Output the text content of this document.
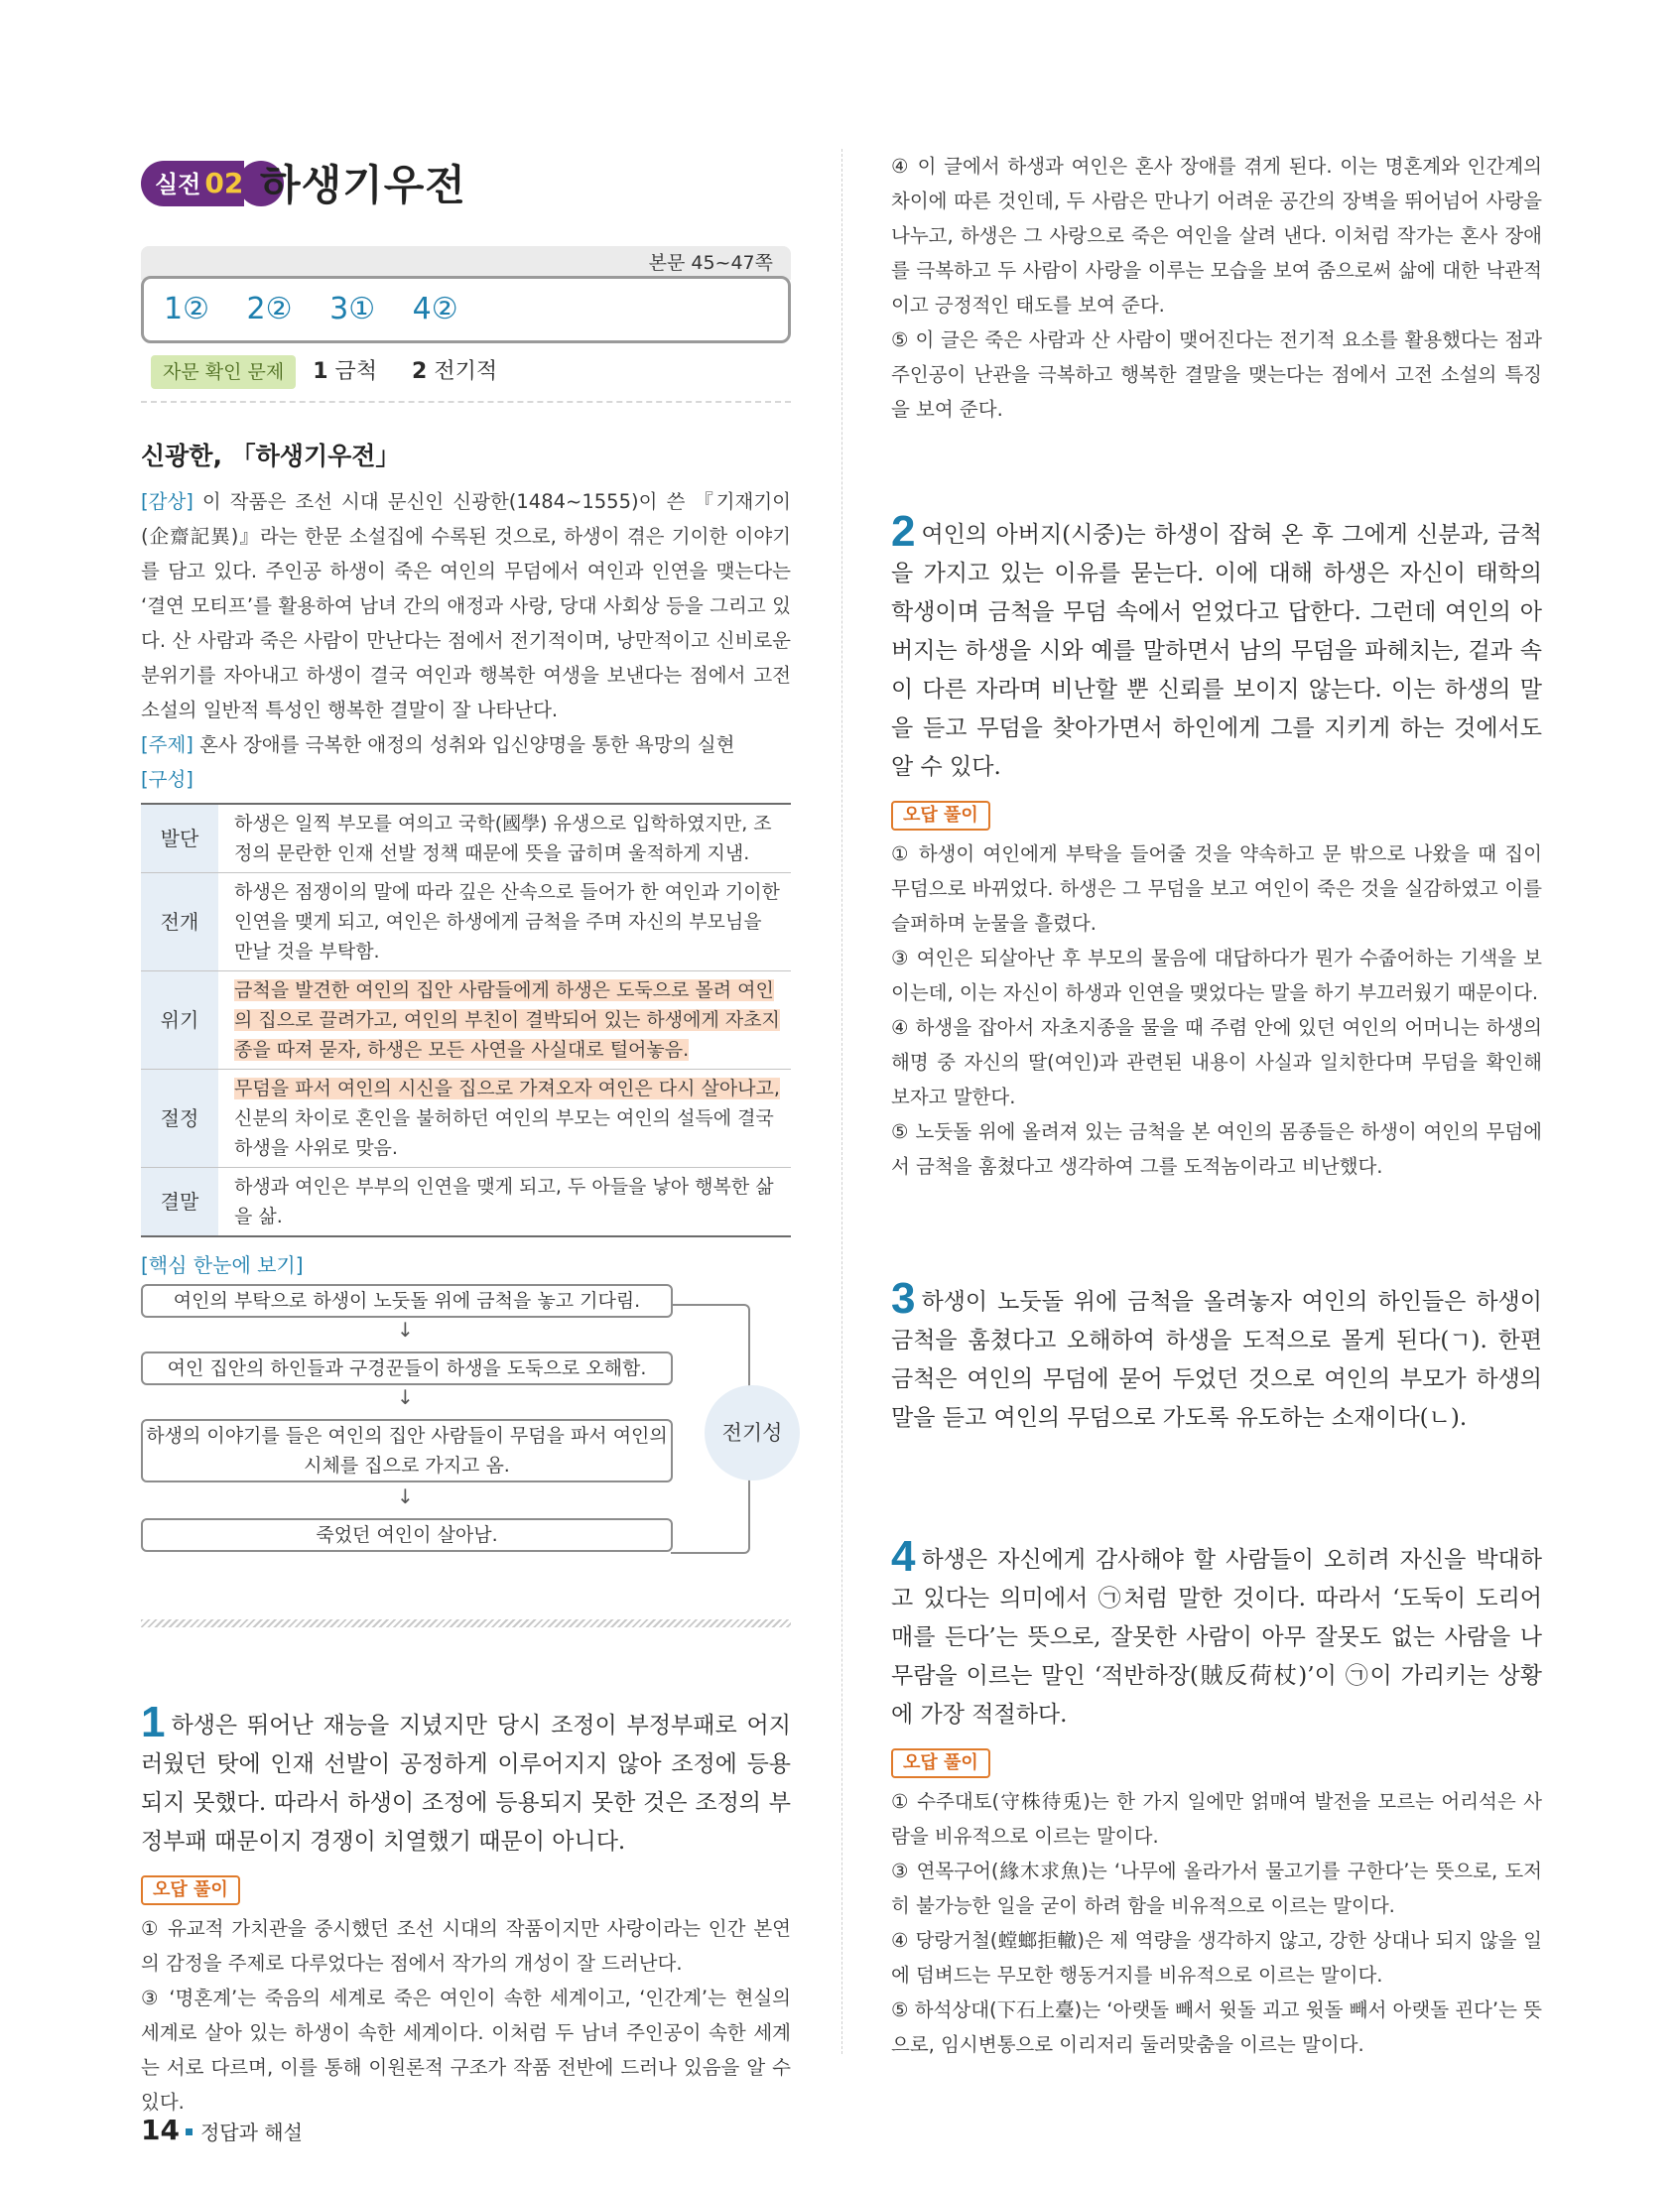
실전 02 하생기우전
본문 45~47쪽
1② 2② 3① 4②
자문 확인 문제 1 금척 2 전기적
신광한, 「하생기우전」
[감상] 이 작품은 조선 시대 문신인 신광한(1484~1555)이 쓴 『기재기이(企齋記異)』라는 한문 소설집에 수록된 것으로, 하생이 겪은 기이한 이야기를 담고 있다. 주인공 하생이 죽은 여인의 무덤에서 여인과 인연을 맺는다는 ‘결연 모티프’를 활용하여 남녀 간의 애정과 사랑, 당대 사회상 등을 그리고 있다. 산 사람과 죽은 사람이 만난다는 점에서 전기적이며, 낭만적이고 신비로운 분위기를 자아내고 하생이 결국 여인과 행복한 여생을 보낸다는 점에서 고전 소설의 일반적 특성인 행복한 결말이 잘 나타난다.
[주제] 혼사 장애를 극복한 애정의 성취와 입신양명을 통한 욕망의 실현
[구성]
발단	하생은 일찍 부모를 여의고 국학(國學) 유생으로 입학하였지만, 조정의 문란한 인재 선발 정책 때문에 뜻을 굽히며 울적하게 지냄.
전개	하생은 점쟁이의 말에 따라 깊은 산속으로 들어가 한 여인과 기이한 인연을 맺게 되고, 여인은 하생에게 금척을 주며 자신의 부모님을 만날 것을 부탁함.
위기	금척을 발견한 여인의 집안 사람들에게 하생은 도둑으로 몰려 여인의 집으로 끌려가고, 여인의 부친이 결박되어 있는 하생에게 자초지종을 따져 묻자, 하생은 모든 사연을 사실대로 털어놓음.
절정	무덤을 파서 여인의 시신을 집으로 가져오자 여인은 다시 살아나고, 신분의 차이로 혼인을 불허하던 여인의 부모는 여인의 설득에 결국 하생을 사위로 맞음.
결말	하생과 여인은 부부의 인연을 맺게 되고, 두 아들을 낳아 행복한 삶을 삶.
[핵심 한눈에 보기]
여인의 부탁으로 하생이 노둣돌 위에 금척을 놓고 기다림.
↓
여인 집안의 하인들과 구경꾼들이 하생을 도둑으로 오해함.
↓
하생의 이야기를 들은 여인의 집안 사람들이 무덤을 파서 여인의 시체를 집으로 가지고 옴.
↓
죽었던 여인이 살아남.
전기성
1 하생은 뛰어난 재능을 지녔지만 당시 조정이 부정부패로 어지러웠던 탓에 인재 선발이 공정하게 이루어지지 않아 조정에 등용되지 못했다. 따라서 하생이 조정에 등용되지 못한 것은 조정의 부정부패 때문이지 경쟁이 치열했기 때문이 아니다.
오답 풀이
① 유교적 가치관을 중시했던 조선 시대의 작품이지만 사랑이라는 인간 본연의 감정을 주제로 다루었다는 점에서 작가의 개성이 잘 드러난다.
③ ‘명혼계’는 죽음의 세계로 죽은 여인이 속한 세계이고, ‘인간계’는 현실의 세계로 살아 있는 하생이 속한 세계이다. 이처럼 두 남녀 주인공이 속한 세계는 서로 다르며, 이를 통해 이원론적 구조가 작품 전반에 드러나 있음을 알 수 있다.
④ 이 글에서 하생과 여인은 혼사 장애를 겪게 된다. 이는 명혼계와 인간계의 차이에 따른 것인데, 두 사람은 만나기 어려운 공간의 장벽을 뛰어넘어 사랑을 나누고, 하생은 그 사랑으로 죽은 여인을 살려 낸다. 이처럼 작가는 혼사 장애를 극복하고 두 사람이 사랑을 이루는 모습을 보여 줌으로써 삶에 대한 낙관적이고 긍정적인 태도를 보여 준다.
⑤ 이 글은 죽은 사람과 산 사람이 맺어진다는 전기적 요소를 활용했다는 점과 주인공이 난관을 극복하고 행복한 결말을 맺는다는 점에서 고전 소설의 특징을 보여 준다.
2 여인의 아버지(시중)는 하생이 잡혀 온 후 그에게 신분과, 금척을 가지고 있는 이유를 묻는다. 이에 대해 하생은 자신이 태학의 학생이며 금척을 무덤 속에서 얻었다고 답한다. 그런데 여인의 아버지는 하생을 시와 예를 말하면서 남의 무덤을 파헤치는, 겉과 속이 다른 자라며 비난할 뿐 신뢰를 보이지 않는다. 이는 하생의 말을 듣고 무덤을 찾아가면서 하인에게 그를 지키게 하는 것에서도 알 수 있다.
오답 풀이
① 하생이 여인에게 부탁을 들어줄 것을 약속하고 문 밖으로 나왔을 때 집이 무덤으로 바뀌었다. 하생은 그 무덤을 보고 여인이 죽은 것을 실감하였고 이를 슬퍼하며 눈물을 흘렸다.
③ 여인은 되살아난 후 부모의 물음에 대답하다가 뭔가 수줍어하는 기색을 보이는데, 이는 자신이 하생과 인연을 맺었다는 말을 하기 부끄러웠기 때문이다.
④ 하생을 잡아서 자초지종을 물을 때 주렴 안에 있던 여인의 어머니는 하생의 해명 중 자신의 딸(여인)과 관련된 내용이 사실과 일치한다며 무덤을 확인해 보자고 말한다.
⑤ 노둣돌 위에 올려져 있는 금척을 본 여인의 몸종들은 하생이 여인의 무덤에서 금척을 훔쳤다고 생각하여 그를 도적놈이라고 비난했다.
3 하생이 노둣돌 위에 금척을 올려놓자 여인의 하인들은 하생이 금척을 훔쳤다고 오해하여 하생을 도적으로 몰게 된다(ㄱ). 한편 금척은 여인의 무덤에 묻어 두었던 것으로 여인의 부모가 하생의 말을 듣고 여인의 무덤으로 가도록 유도하는 소재이다(ㄴ).
4 하생은 자신에게 감사해야 할 사람들이 오히려 자신을 박대하고 있다는 의미에서 ㉠처럼 말한 것이다. 따라서 ‘도둑이 도리어 매를 든다’는 뜻으로, 잘못한 사람이 아무 잘못도 없는 사람을 나무람을 이르는 말인 ‘적반하장(賊反荷杖)’이 ㉠이 가리키는 상황에 가장 적절하다.
오답 풀이
① 수주대토(守株待兎)는 한 가지 일에만 얽매여 발전을 모르는 어리석은 사람을 비유적으로 이르는 말이다.
③ 연목구어(緣木求魚)는 ‘나무에 올라가서 물고기를 구한다’는 뜻으로, 도저히 불가능한 일을 굳이 하려 함을 비유적으로 이르는 말이다.
④ 당랑거철(螳螂拒轍)은 제 역량을 생각하지 않고, 강한 상대나 되지 않을 일에 덤벼드는 무모한 행동거지를 비유적으로 이르는 말이다.
⑤ 하석상대(下石上臺)는 ‘아랫돌 빼서 윗돌 괴고 윗돌 빼서 아랫돌 괸다’는 뜻으로, 임시변통으로 이리저리 둘러맞춤을 이르는 말이다.
14 정답과 해설
